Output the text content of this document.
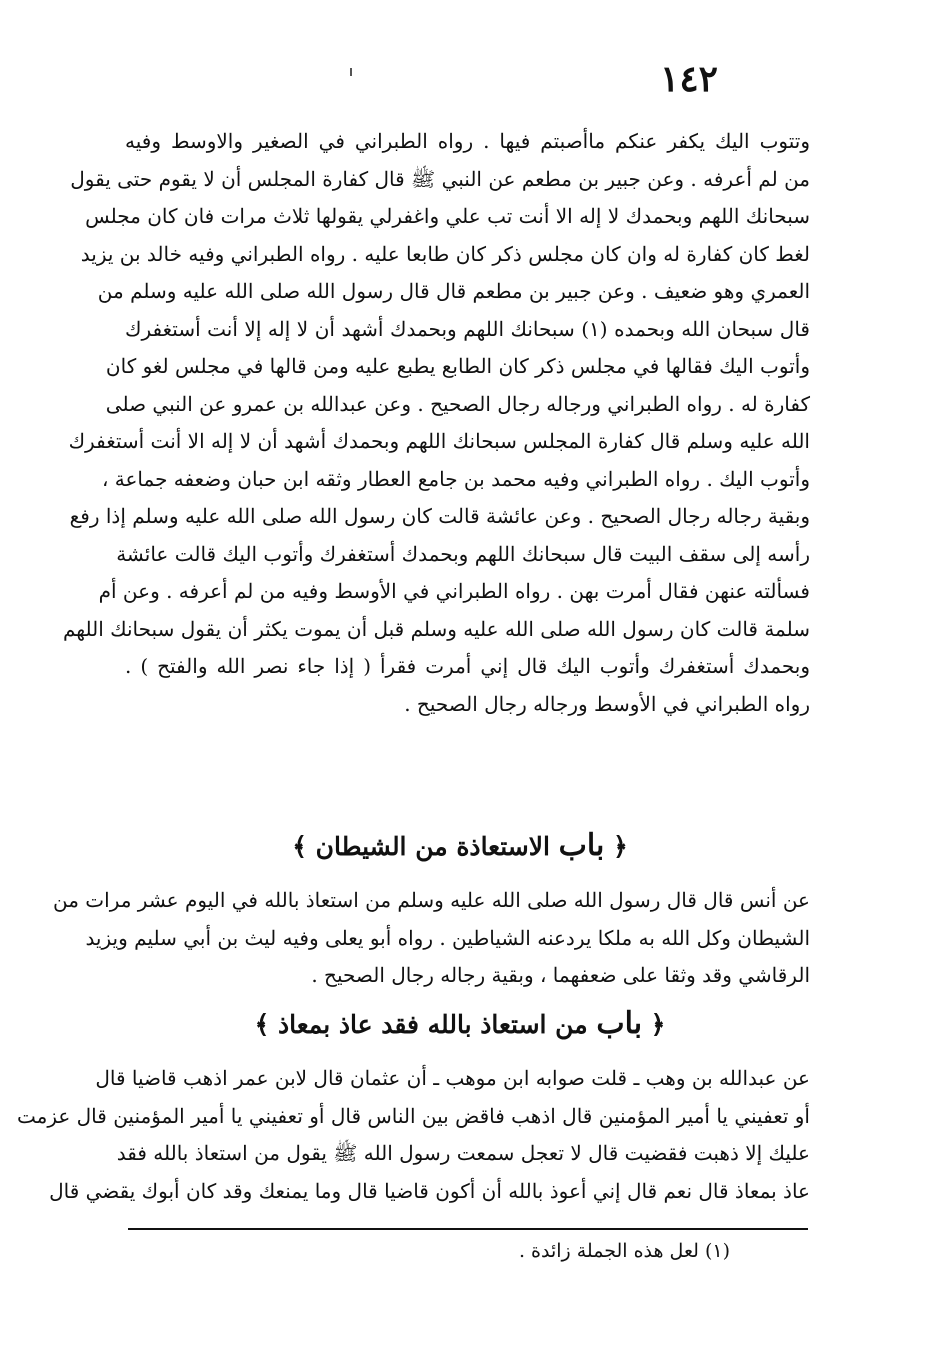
١٤٢
وتتوب اليك يكفر عنكم ماأصبتم فيها . رواه الطبراني في الصغير والاوسط وفيه
من لم أعرفه . وعن جبير بن مطعم عن النبي ﷺ قال كفارة المجلس أن لا يقوم حتى يقول
سبحانك اللهم وبحمدك لا إله الا أنت تب علي واغفرلي يقولها ثلاث مرات فان كان مجلس
لغط كان كفارة له وان كان مجلس ذكر كان طابعا عليه . رواه الطبراني وفيه خالد بن يزيد
العمري وهو ضعيف . وعن جبير بن مطعم قال قال رسول الله صلى الله عليه وسلم من
قال سبحان الله وبحمده (١) سبحانك اللهم وبحمدك أشهد أن لا إله إلا أنت أستغفرك
وأتوب اليك فقالها في مجلس ذكر كان الطابع يطبع عليه ومن قالها في مجلس لغو كان
كفارة له . رواه الطبراني ورجاله رجال الصحيح . وعن عبدالله بن عمرو عن النبي صلى
الله عليه وسلم قال كفارة المجلس سبحانك اللهم وبحمدك أشهد أن لا إله الا أنت أستغفرك
وأتوب اليك . رواه الطبراني وفيه محمد بن جامع العطار وثقه ابن حبان وضعفه جماعة ،
وبقية رجاله رجال الصحيح . وعن عائشة قالت كان رسول الله صلى الله عليه وسلم إذا رفع
رأسه إلى سقف البيت قال سبحانك اللهم وبحمدك أستغفرك وأتوب اليك قالت عائشة
فسألته عنهن فقال أمرت بهن . رواه الطبراني في الأوسط وفيه من لم أعرفه . وعن أم
سلمة قالت كان رسول الله صلى الله عليه وسلم قبل أن يموت يكثر أن يقول سبحانك اللهم
وبحمدك أستغفرك وأتوب اليك قال إني أمرت فقرأ ( إذا جاء نصر الله والفتح ) .
رواه الطبراني في الأوسط ورجاله رجال الصحيح .
﴿ باب الاستعاذة من الشيطان ﴾
عن أنس قال قال رسول الله صلى الله عليه وسلم من استعاذ بالله في اليوم عشر مرات من
الشيطان وكل الله به ملكا يردعنه الشياطين . رواه أبو يعلى وفيه ليث بن أبي سليم ويزيد
الرقاشي وقد وثقا على ضعفهما ، وبقية رجاله رجال الصحيح .
﴿ باب من استعاذ بالله فقد عاذ بمعاذ ﴾
عن عبدالله بن وهب ـ قلت صوابه ابن موهب ـ أن عثمان قال لابن عمر اذهب قاضيا قال
أو تعفيني يا أمير المؤمنين قال اذهب فاقض بين الناس قال أو تعفيني يا أمير المؤمنين قال عزمت
عليك إلا ذهبت فقضيت قال لا تعجل سمعت رسول الله ﷺ يقول من استعاذ بالله فقد
عاذ بمعاذ قال نعم قال إني أعوذ بالله أن أكون قاضيا قال وما يمنعك وقد كان أبوك يقضي قال
(١) لعل هذه الجملة زائدة .
